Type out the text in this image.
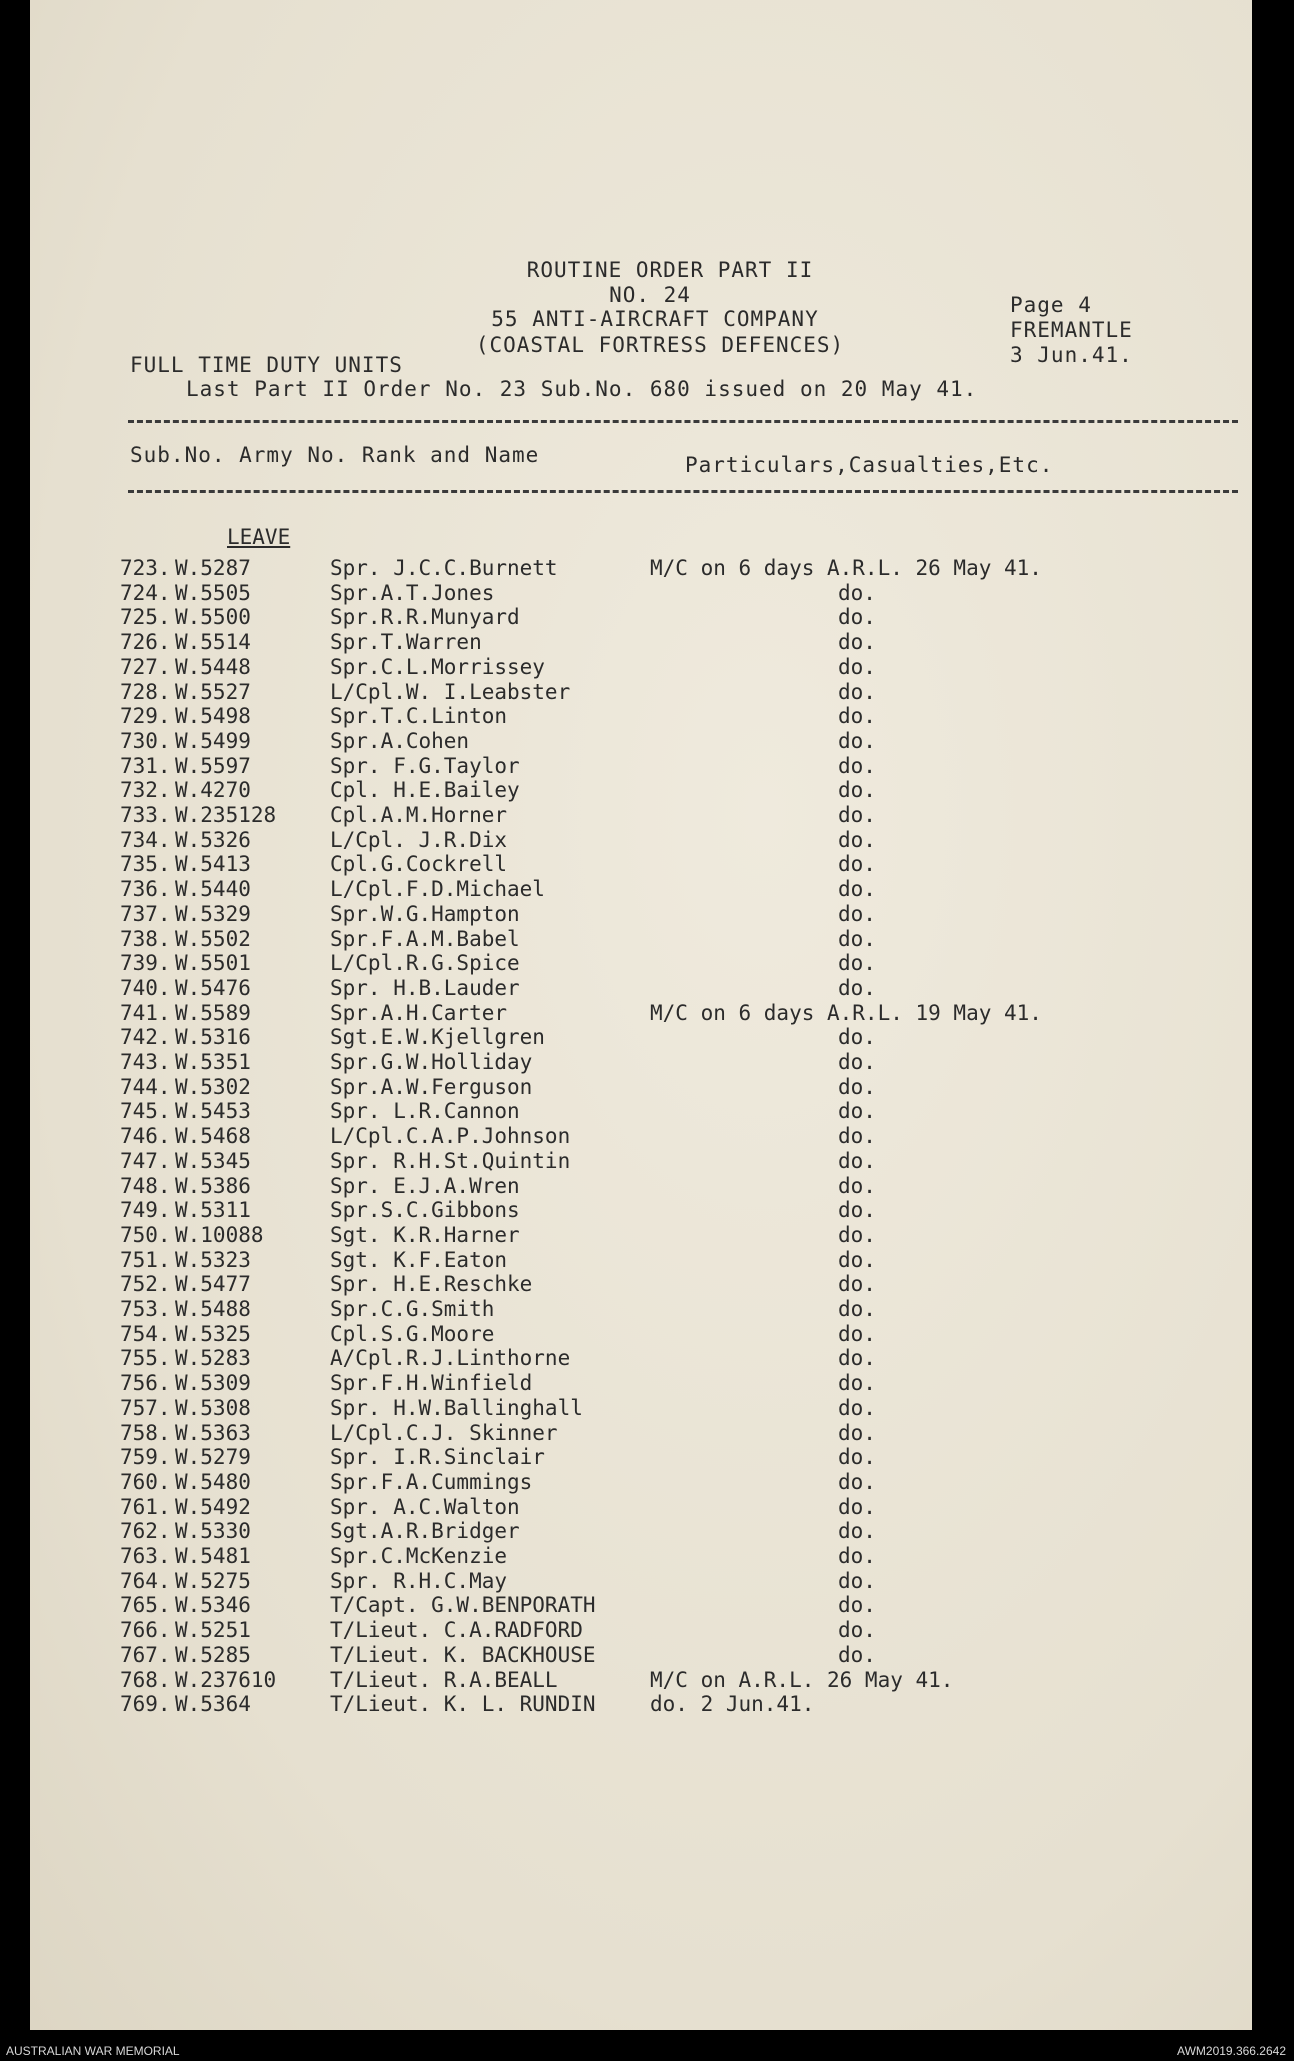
ROUTINE ORDER PART II
NO. 24
55 ANTI-AIRCRAFT COMPANY
(COASTAL FORTRESS DEFENCES)
Page 4
FREMANTLE
3 Jun.41.
FULL TIME DUTY UNITS
Last Part II Order No. 23 Sub.No. 680 issued on 20 May 41.
Sub.No. Army No. Rank and Name	Particulars,Casualties,Etc.
LEAVE
723. W.5287	Spr. J.C.C.Burnett	M/C on 6 days A.R.L. 26 May 41.
724. W.5505	Spr.A.T.Jones	do.
725. W.5500	Spr.R.R.Munyard	do.
726. W.5514	Spr.T.Warren	do.
727. W.5448	Spr.C.L.Morrissey	do.
728. W.5527	L/Cpl.W. I.Leabster	do.
729. W.5498	Spr.T.C.Linton	do.
730. W.5499	Spr.A.Cohen	do.
731. W.5597	Spr. F.G.Taylor	do.
732. W.4270	Cpl. H.E.Bailey	do.
733. W.235128	Cpl.A.M.Horner	do.
734. W.5326	L/Cpl. J.R.Dix	do.
735. W.5413	Cpl.G.Cockrell	do.
736. W.5440	L/Cpl.F.D.Michael	do.
737. W.5329	Spr.W.G.Hampton	do.
738. W.5502	Spr.F.A.M.Babel	do.
739. W.5501	L/Cpl.R.G.Spice	do.
740. W.5476	Spr. H.B.Lauder	do.
741. W.5589	Spr.A.H.Carter	M/C on 6 days A.R.L. 19 May 41.
742. W.5316	Sgt.E.W.Kjellgren	do.
743. W.5351	Spr.G.W.Holliday	do.
744. W.5302	Spr.A.W.Ferguson	do.
745. W.5453	Spr. L.R.Cannon	do.
746. W.5468	L/Cpl.C.A.P.Johnson	do.
747. W.5345	Spr. R.H.St.Quintin	do.
748. W.5386	Spr. E.J.A.Wren	do.
749. W.5311	Spr.S.C.Gibbons	do.
750. W.10088	Sgt. K.R.Harner	do.
751. W.5323	Sgt. K.F.Eaton	do.
752. W.5477	Spr. H.E.Reschke	do.
753. W.5488	Spr.C.G.Smith	do.
754. W.5325	Cpl.S.G.Moore	do.
755. W.5283	A/Cpl.R.J.Linthorne	do.
756. W.5309	Spr.F.H.Winfield	do.
757. W.5308	Spr. H.W.Ballinghall	do.
758. W.5363	L/Cpl.C.J. Skinner	do.
759. W.5279	Spr. I.R.Sinclair	do.
760. W.5480	Spr.F.A.Cummings	do.
761. W.5492	Spr. A.C.Walton	do.
762. W.5330	Sgt.A.R.Bridger	do.
763. W.5481	Spr.C.McKenzie	do.
764. W.5275	Spr. R.H.C.May	do.
765. W.5346	T/Capt. G.W.BENPORATH	do.
766. W.5251	T/Lieut. C.A.RADFORD	do.
767. W.5285	T/Lieut. K. BACKHOUSE	do.
768. W.237610	T/Lieut. R.A.BEALL	M/C on A.R.L. 26 May 41.
769. W.5364	T/Lieut. K. L. RUNDIN	do. 2 Jun.41.
AUSTRALIAN WAR MEMORIAL	AWM2019.366.2642
